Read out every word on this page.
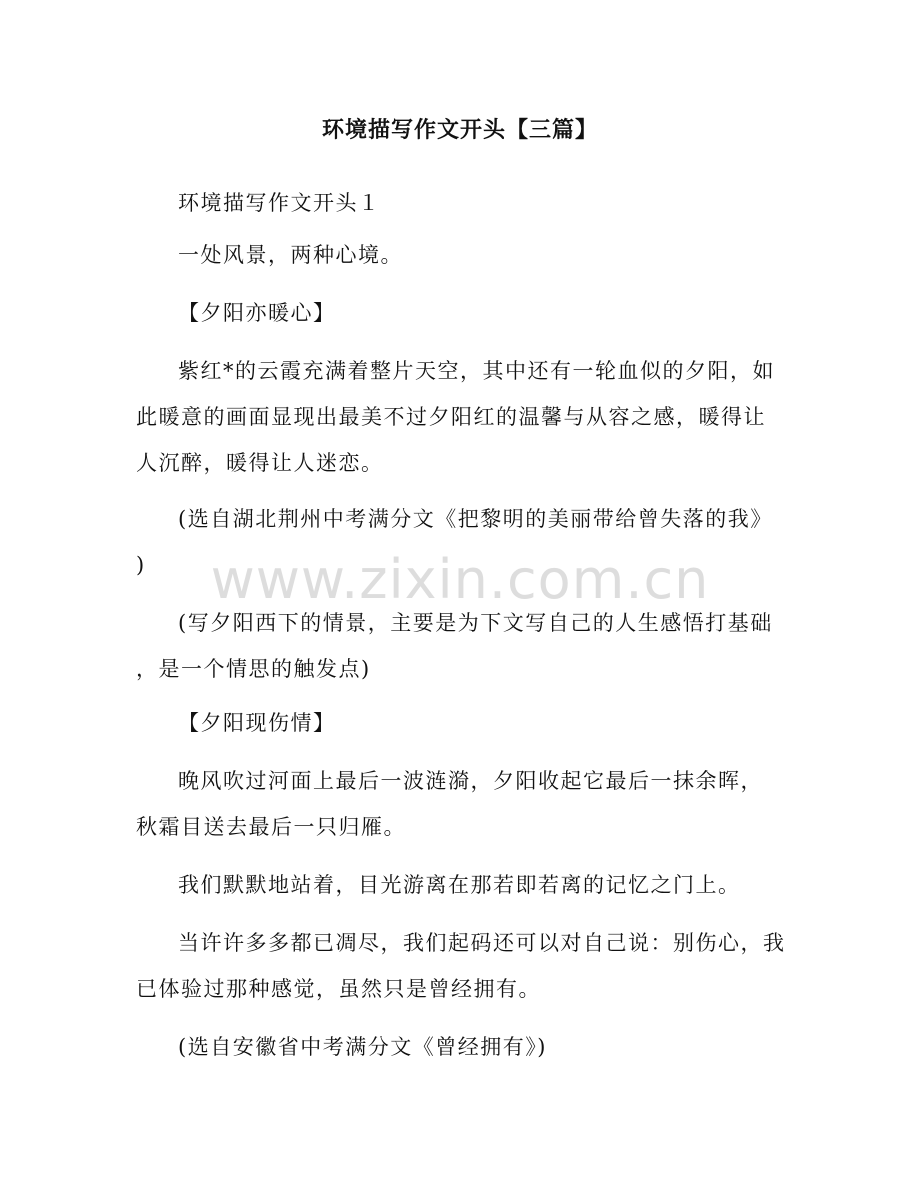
环境描写作文开头【三篇】
www.zixin.com.cn
环境描写作文开头１
一处风景，两种心境。
【夕阳亦暖心】
紫红*的云霞充满着整片天空，其中还有一轮血似的夕阳，如
此暖意的画面显现出最美不过夕阳红的温馨与从容之感，暖得让
人沉醉，暖得让人迷恋。
(选自湖北荆州中考满分文《把黎明的美丽带给曾失落的我》
)
(写夕阳西下的情景，主要是为下文写自己的人生感悟打基础
，是一个情思的触发点)
【夕阳现伤情】
晚风吹过河面上最后一波涟漪，夕阳收起它最后一抹余晖，
秋霜目送去最后一只归雁。
我们默默地站着，目光游离在那若即若离的记忆之门上。
当许许多多都已凋尽，我们起码还可以对自己说：别伤心，我
已体验过那种感觉，虽然只是曾经拥有。
(选自安徽省中考满分文《曾经拥有》)
